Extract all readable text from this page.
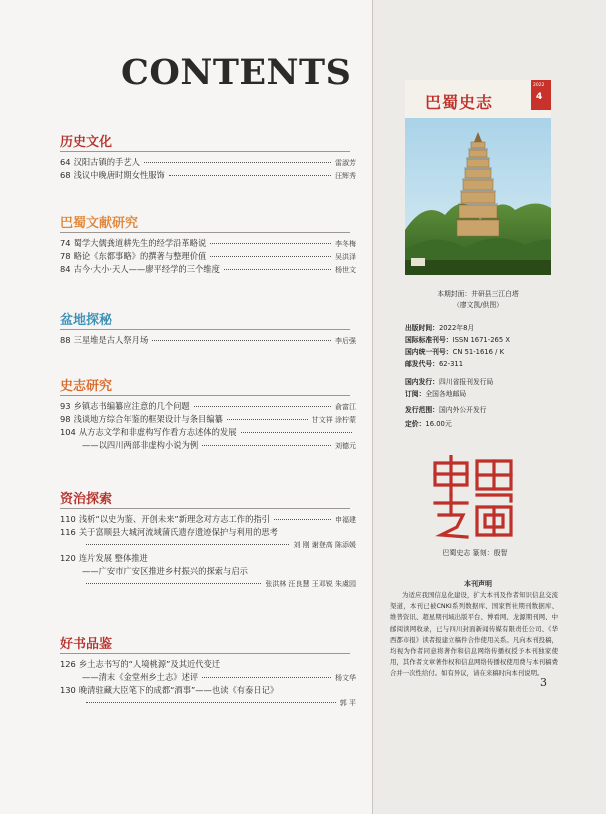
CONTENTS
历史文化
64 汉阳古镇的手艺人	雷淑芳
68 浅议中晚唐时期女性服饰	汪辉秀
巴蜀文献研究
74 蜀学大儒龚道耕先生的经学沿革略说	李冬梅
78 略论《东都事略》的撰著与整理价值	吴洪泽
84 古今·大小·天人——廖平经学的三个维度	杨世文
盆地探秘
88 三星堆是古人祭月场	李后强
史志研究
93 乡镇志书编纂应注意的几个问题	俞富江
98 浅谈地方综合年鉴的框架设计与条目编纂	甘文祥 涂柠蒙
104 从方志文学和非虚构写作看方志述体的发展
——以四川两部非虚构小说为例	刘德元
资治探索
110 浅析“以史为鉴、开创未来”新理念对方志工作的指引	申福建
116 关于富顺县大城河流域蒲氏遗存遗迹保护与利用的思考
刘 刚 谢登高 陈添媛
120 连片发展 整体推进
——广安市广安区推进乡村振兴的探索与启示
张洪林 汪良慧 王邓锐 朱虞园
好书品鉴
126 乡土志书写的“人境桃源”及其近代变迁
——清末《金堂州乡土志》述评	杨文华
130 晚清驻藏大臣笔下的成都“酒事”——也读《有泰日记》
郭 平
巴蜀史志
2022
4
本期封面：井研县三江白塔
（廖文凯/供图）
出版时间：2022年8月
国际标准刊号：ISSN 1671-265 X
国内统一刊号：CN 51-1616 / K
邮发代号：62-311
国内发行：四川省报刊发行局
订阅：全国各地邮局
发行范围：国内外公开发行
定价：16.00元
巴蜀史志 篆刻：殷智
本刊声明
为适应我国信息化建设，扩大本刊及作者知识信息交流渠道，本刊已被CNKI系列数据库、国家哲社期刊数据库、维普资讯、超星期刊域出版平台、博看网、龙源期刊网、中邮阅读网收录，已与四川封面新闻传媒有限责任公司、《华西都市报》读者报建立稿件合作使用关系。凡向本刊投稿，均视为作者同意将著作和信息网络传播权授予本刊独家使用，其作者文章著作权和信息网络传播权使用费与本刊稿费合并一次性给付。如有异议，请在来稿时向本刊说明。
3
